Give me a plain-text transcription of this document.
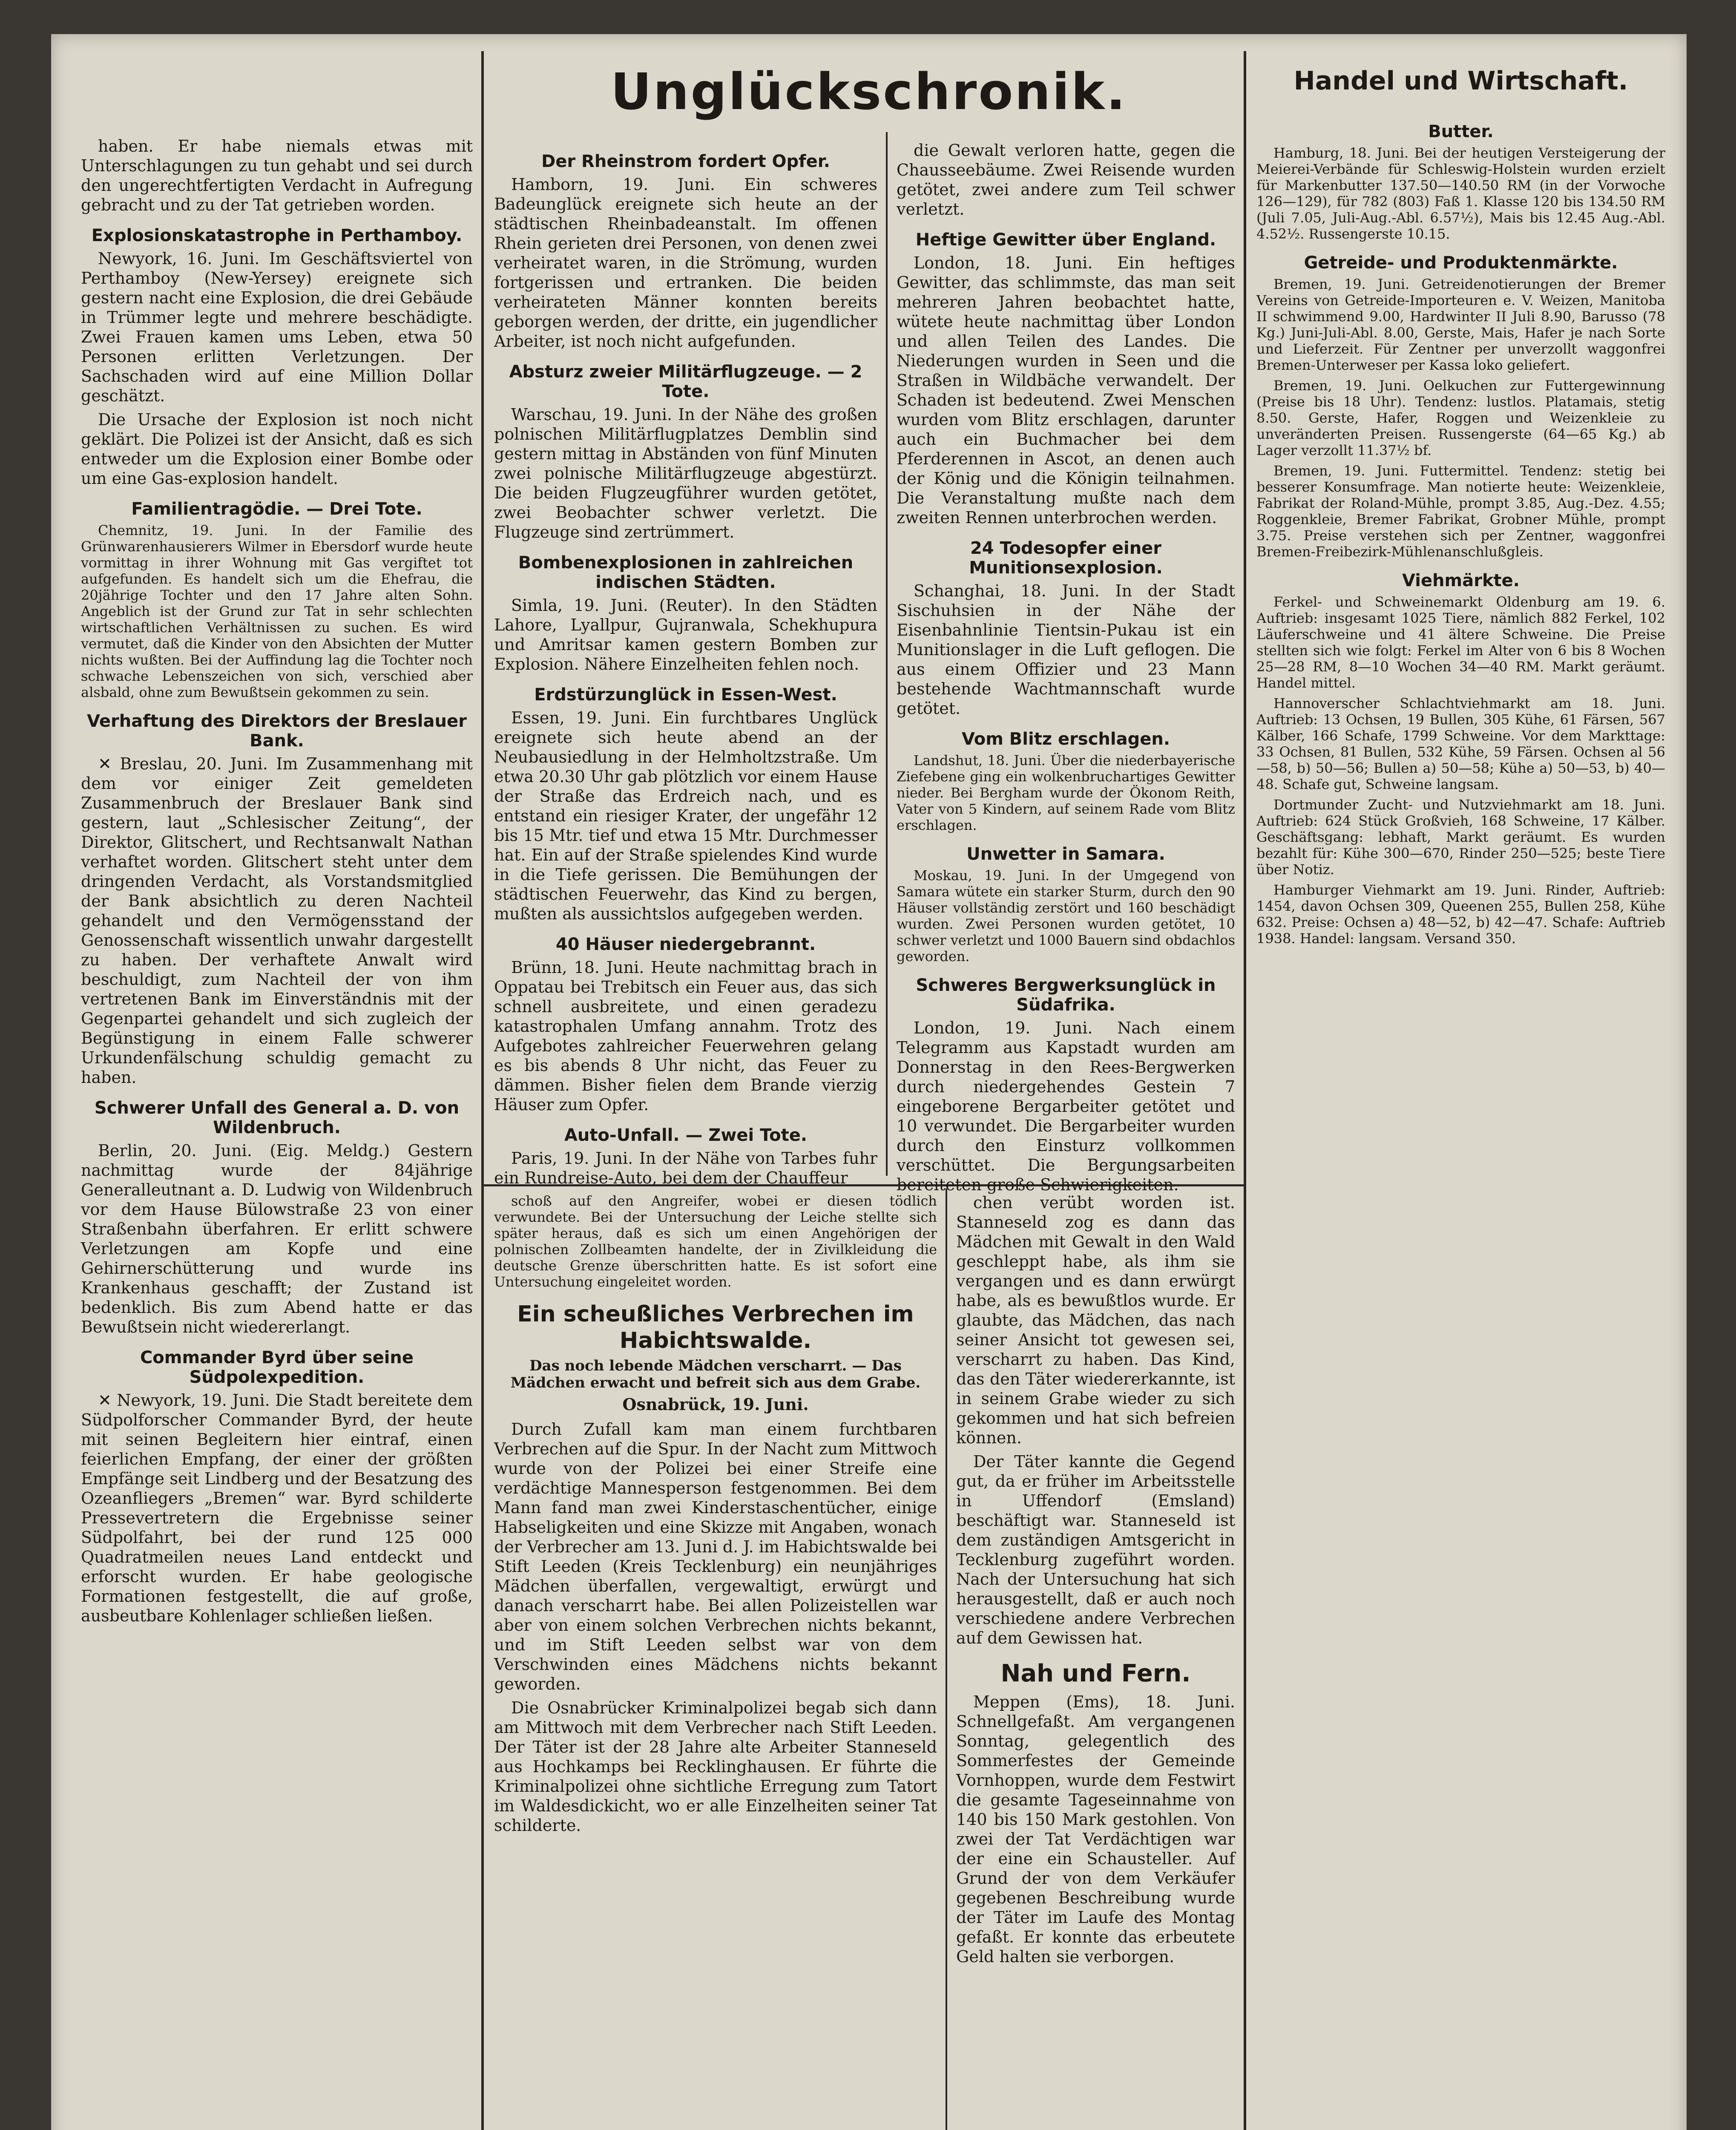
Unglückschronik.	Handel und Wirtschaft.

haben. Er habe niemals etwas mit Unterschlagungen zu tun gehabt und sei durch den ungerechtfertigten Verdacht in Aufregung gebracht und zu der Tat getrieben worden.

Explosionskatastrophe in Perthamboy.

Newyork, 16. Juni. Im Geschäftsviertel von Perthamboy (New-Yersey) ereignete sich gestern nacht eine Explosion, die drei Gebäude in Trümmer legte und mehrere beschädigte. Zwei Frauen kamen ums Leben, etwa 50 Personen erlitten Verletzungen. Der Sachschaden wird auf eine Million Dollar geschätzt.

Die Ursache der Explosion ist noch nicht geklärt. Die Polizei ist der Ansicht, daß es sich entweder um die Explosion einer Bombe oder um eine Gas-explosion handelt.

Familientragödie. — Drei Tote.

Chemnitz, 19. Juni. In der Familie des Grünwarenhausierers Wilmer in Ebersdorf wurde heute vormittag in ihrer Wohnung mit Gas vergiftet tot aufgefunden. Es handelt sich um die Ehefrau, die 20jährige Tochter und den 17 Jahre alten Sohn. Angeblich ist der Grund zur Tat in sehr schlechten wirtschaftlichen Verhältnissen zu suchen. Es wird vermutet, daß die Kinder von den Absichten der Mutter nichts wußten. Bei der Auffindung lag die Tochter noch schwache Lebenszeichen von sich, verschied aber alsbald, ohne zum Bewußtsein gekommen zu sein.

Verhaftung des Direktors der Breslauer Bank.

✕ Breslau, 20. Juni. Im Zusammenhang mit dem vor einiger Zeit gemeldeten Zusammenbruch der Breslauer Bank sind gestern, laut „Schlesischer Zeitung“, der Direktor, Glitschert, und Rechtsanwalt Nathan verhaftet worden. Glitschert steht unter dem dringenden Verdacht, als Vorstandsmitglied der Bank absichtlich zu deren Nachteil gehandelt und den Vermögensstand der Genossenschaft wissentlich unwahr dargestellt zu haben. Der verhaftete Anwalt wird beschuldigt, zum Nachteil der von ihm vertretenen Bank im Einverständnis mit der Gegenpartei gehandelt und sich zugleich der Begünstigung in einem Falle schwerer Urkundenfälschung schuldig gemacht zu haben.

Schwerer Unfall des General a. D. von Wildenbruch.

Berlin, 20. Juni. (Eig. Meldg.) Gestern nachmittag wurde der 84jährige Generalleutnant a. D. Ludwig von Wildenbruch vor dem Hause Bülowstraße 23 von einer Straßenbahn überfahren. Er erlitt schwere Verletzungen am Kopfe und eine Gehirnerschütterung und wurde ins Krankenhaus geschafft; der Zustand ist bedenklich. Bis zum Abend hatte er das Bewußtsein nicht wiedererlangt.

Commander Byrd über seine Südpolexpedition.

✕ Newyork, 19. Juni. Die Stadt bereitete dem Südpolforscher Commander Byrd, der heute mit seinen Begleitern hier eintraf, einen feierlichen Empfang, der einer der größten Empfänge seit Lindberg und der Besatzung des Ozeanfliegers „Bremen“ war. Byrd schilderte Pressevertretern die Ergebnisse seiner Südpolfahrt, bei der rund 125 000 Quadratmeilen neues Land entdeckt und erforscht wurden. Er habe geologische Formationen festgestellt, die auf große, ausbeutbare Kohlenlager schließen ließen.

Der Rheinstrom fordert Opfer.

Hamborn, 19. Juni. Ein schweres Badeunglück ereignete sich heute an der städtischen Rheinbadeanstalt. Im offenen Rhein gerieten drei Personen, von denen zwei verheiratet waren, in die Strömung, wurden fortgerissen und ertranken. Die beiden verheirateten Männer konnten bereits geborgen werden, der dritte, ein jugendlicher Arbeiter, ist noch nicht aufgefunden.

Absturz zweier Militärflugzeuge. — 2 Tote.

Warschau, 19. Juni. In der Nähe des großen polnischen Militärflugplatzes Demblin sind gestern mittag in Abständen von fünf Minuten zwei polnische Militärflugzeuge abgestürzt. Die beiden Flugzeugführer wurden getötet, zwei Beobachter schwer verletzt. Die Flugzeuge sind zertrümmert.

Bombenexplosionen in zahlreichen indischen Städten.

Simla, 19. Juni. (Reuter). In den Städten Lahore, Lyallpur, Gujranwala, Schekhupura und Amritsar kamen gestern Bomben zur Explosion. Nähere Einzelheiten fehlen noch.

Erdstürzunglück in Essen-West.

Essen, 19. Juni. Ein furchtbares Unglück ereignete sich heute abend an der Neubausiedlung in der Helmholtzstraße. Um etwa 20.30 Uhr gab plötzlich vor einem Hause der Straße das Erdreich nach, und es entstand ein riesiger Krater, der ungefähr 12 bis 15 Mtr. tief und etwa 15 Mtr. Durchmesser hat. Ein auf der Straße spielendes Kind wurde in die Tiefe gerissen. Die Bemühungen der städtischen Feuerwehr, das Kind zu bergen, mußten als aussichtslos aufgegeben werden.

40 Häuser niedergebrannt.

Brünn, 18. Juni. Heute nachmittag brach in Oppatau bei Trebitsch ein Feuer aus, das sich schnell ausbreitete, und einen geradezu katastrophalen Umfang annahm. Trotz des Aufgebotes zahlreicher Feuerwehren gelang es bis abends 8 Uhr nicht, das Feuer zu dämmen. Bisher fielen dem Brande vierzig Häuser zum Opfer.

Auto-Unfall. — Zwei Tote.

Paris, 19. Juni. In der Nähe von Tarbes fuhr ein Rundreise-Auto, bei dem der Chauffeur

die Gewalt verloren hatte, gegen die Chausseebäume. Zwei Reisende wurden getötet, zwei andere zum Teil schwer verletzt.

Heftige Gewitter über England.

London, 18. Juni. Ein heftiges Gewitter, das schlimmste, das man seit mehreren Jahren beobachtet hatte, wütete heute nachmittag über London und allen Teilen des Landes. Die Niederungen wurden in Seen und die Straßen in Wildbäche verwandelt. Der Schaden ist bedeutend. Zwei Menschen wurden vom Blitz erschlagen, darunter auch ein Buchmacher bei dem Pferderennen in Ascot, an denen auch der König und die Königin teilnahmen. Die Veranstaltung mußte nach dem zweiten Rennen unterbrochen werden.

24 Todesopfer einer Munitionsexplosion.

Schanghai, 18. Juni. In der Stadt Sischuhsien in der Nähe der Eisenbahnlinie Tientsin-Pukau ist ein Munitionslager in die Luft geflogen. Die aus einem Offizier und 23 Mann bestehende Wachtmannschaft wurde getötet.

Vom Blitz erschlagen.

Landshut, 18. Juni. Über die niederbayerische Ziefebene ging ein wolkenbruchartiges Gewitter nieder. Bei Bergham wurde der Ökonom Reith, Vater von 5 Kindern, auf seinem Rade vom Blitz erschlagen.

Unwetter in Samara.

Moskau, 19. Juni. In der Umgegend von Samara wütete ein starker Sturm, durch den 90 Häuser vollständig zerstört und 160 beschädigt wurden. Zwei Personen wurden getötet, 10 schwer verletzt und 1000 Bauern sind obdachlos geworden.

Schweres Bergwerksunglück in Südafrika.

London, 19. Juni. Nach einem Telegramm aus Kapstadt wurden am Donnerstag in den Rees-Bergwerken durch niedergehendes Gestein 7 eingeborene Bergarbeiter getötet und 10 verwundet. Die Bergarbeiter wurden durch den Einsturz vollkommen verschüttet. Die Bergungsarbeiten bereiteten große Schwierigkeiten.

schoß auf den Angreifer, wobei er diesen tödlich verwundete. Bei der Untersuchung der Leiche stellte sich später heraus, daß es sich um einen Angehörigen der polnischen Zollbeamten handelte, der in Zivilkleidung die deutsche Grenze überschritten hatte. Es ist sofort eine Untersuchung eingeleitet worden.

Ein scheußliches Verbrechen im Habichtswalde.
Das noch lebende Mädchen verscharrt. — Das Mädchen erwacht und befreit sich aus dem Grabe.
Osnabrück, 19. Juni.

Durch Zufall kam man einem furchtbaren Verbrechen auf die Spur. In der Nacht zum Mittwoch wurde von der Polizei bei einer Streife eine verdächtige Mannesperson festgenommen. Bei dem Mann fand man zwei Kinderstaschentücher, einige Habseligkeiten und eine Skizze mit Angaben, wonach der Verbrecher am 13. Juni d. J. im Habichtswalde bei Stift Leeden (Kreis Tecklenburg) ein neunjähriges Mädchen überfallen, vergewaltigt, erwürgt und danach verscharrt habe. Bei allen Polizeistellen war aber von einem solchen Verbrechen nichts bekannt, und im Stift Leeden selbst war von dem Verschwinden eines Mädchens nichts bekannt geworden.

Die Osnabrücker Kriminalpolizei begab sich dann am Mittwoch mit dem Verbrecher nach Stift Leeden. Der Täter ist der 28 Jahre alte Arbeiter Stanneseld aus Hochkamps bei Recklinghausen. Er führte die Kriminalpolizei ohne sichtliche Erregung zum Tatort im Waldesdickicht, wo er alle Einzelheiten seiner Tat schilderte.

chen verübt worden ist. Stanneseld zog es dann das Mädchen mit Gewalt in den Wald geschleppt habe, als ihm sie vergangen und es dann erwürgt habe, als es bewußtlos wurde. Er glaubte, das Mädchen, das nach seiner Ansicht tot gewesen sei, verscharrt zu haben. Das Kind, das den Täter wiedererkannte, ist in seinem Grabe wieder zu sich gekommen und hat sich befreien können.

Der Täter kannte die Gegend gut, da er früher im Arbeitsstelle in Uffendorf (Emsland) beschäftigt war. Stanneseld ist dem zuständigen Amtsgericht in Tecklenburg zugeführt worden. Nach der Untersuchung hat sich herausgestellt, daß er auch noch verschiedene andere Verbrechen auf dem Gewissen hat.

Nah und Fern.

Meppen (Ems), 18. Juni. Schnellgefaßt. Am vergangenen Sonntag, gelegentlich des Sommerfestes der Gemeinde Vornhoppen, wurde dem Festwirt die gesamte Tageseinnahme von 140 bis 150 Mark gestohlen. Von zwei der Tat Verdächtigen war der eine ein Schausteller. Auf Grund der von dem Verkäufer gegebenen Beschreibung wurde der Täter im Laufe des Montag gefaßt. Er konnte das erbeutete Geld halten sie verborgen.

Butter.

Hamburg, 18. Juni. Bei der heutigen Versteigerung der Meierei-Verbände für Schleswig-Holstein wurden erzielt für Markenbutter 137.50—140.50 RM (in der Vorwoche 126—129), für 782 (803) Faß 1. Klasse 120 bis 134.50 RM (Juli 7.05, Juli-Aug.-Abl. 6.57½), Mais bis 12.45 Aug.-Abl. 4.52½. Russengerste 10.15.

Getreide- und Produktenmärkte.

Bremen, 19. Juni. Getreidenotierungen der Bremer Vereins von Getreide-Importeuren e. V. Weizen, Manitoba II schwimmend 9.00, Hardwinter II Juli 8.90, Barusso (78 Kg.) Juni-Juli-Abl. 8.00, Gerste, Mais, Hafer je nach Sorte und Lieferzeit. Für Zentner per unverzollt waggonfrei Bremen-Unterweser per Kassa loko geliefert.

Bremen, 19. Juni. Oelkuchen zur Futtergewinnung (Preise bis 18 Uhr). Tendenz: lustlos. Platamais, stetig 8.50. Gerste, Hafer, Roggen und Weizenkleie zu unveränderten Preisen. Russengerste (64—65 Kg.) ab Lager verzollt 11.37½ bf.

Bremen, 19. Juni. Futtermittel. Tendenz: stetig bei besserer Konsumfrage. Man notierte heute: Weizenkleie, Fabrikat der Roland-Mühle, prompt 3.85, Aug.-Dez. 4.55; Roggenkleie, Bremer Fabrikat, Grobner Mühle, prompt 3.75. Preise verstehen sich per Zentner, waggonfrei Bremen-Freibezirk-Mühlenanschlußgleis.

Viehmärkte.

Ferkel- und Schweinemarkt Oldenburg am 19. 6. Auftrieb: insgesamt 1025 Tiere, nämlich 882 Ferkel, 102 Läuferschweine und 41 ältere Schweine. Die Preise stellten sich wie folgt: Ferkel im Alter von 6 bis 8 Wochen 25—28 RM, 8—10 Wochen 34—40 RM. Markt geräumt. Handel mittel.

Hannoverscher Schlachtviehmarkt am 18. Juni. Auftrieb: 13 Ochsen, 19 Bullen, 305 Kühe, 61 Färsen, 567 Kälber, 166 Schafe, 1799 Schweine. Vor dem Markttage: 33 Ochsen, 81 Bullen, 532 Kühe, 59 Färsen. Ochsen al 56—58, b) 50—56; Bullen a) 50—58; Kühe a) 50—53, b) 40—48. Schafe gut, Schweine langsam.

Dortmunder Zucht- und Nutzviehmarkt am 18. Juni. Auftrieb: 624 Stück Großvieh, 168 Schweine, 17 Kälber. Geschäftsgang: lebhaft, Markt geräumt. Es wurden bezahlt für: Kühe 300—670, Rinder 250—525; beste Tiere über Notiz.

Hamburger Viehmarkt am 19. Juni. Rinder, Auftrieb: 1454, davon Ochsen 309, Queenen 255, Bullen 258, Kühe 632. Preise: Ochsen a) 48—52, b) 42—47. Schafe: Auftrieb 1938. Handel: langsam. Versand 350.
